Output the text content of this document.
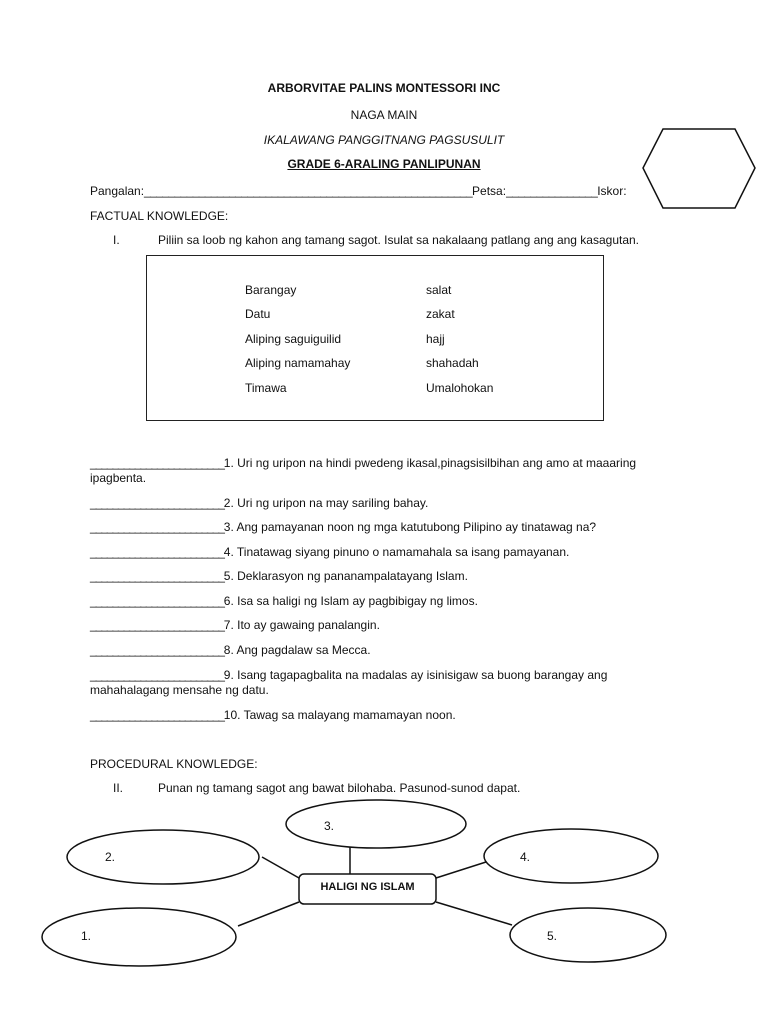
ARBORVITAE PALINS MONTESSORI INC
NAGA MAIN
IKALAWANG PANGGITNANG PAGSUSULIT
GRADE 6-ARALING PANLIPUNAN
Pangalan:______________________________________________________Petsa:_______________Iskor:
FACTUAL KNOWLEDGE:
I.	Piliin sa loob ng kahon ang tamang sagot. Isulat sa nakalaang patlang ang ang kasagutan.
Barangay
Datu
Aliping saguiguilid
Aliping namamahay
Timawa
salat
zakat
hajj
shahadah
Umalohokan
________________________1. Uri ng uripon na hindi pwedeng ikasal,pinagsisilbihan ang amo at maaaring
ipagbenta.
________________________2. Uri ng uripon na may sariling bahay.
________________________3. Ang pamayanan noon ng mga katutubong Pilipino ay tinatawag na?
________________________4. Tinatawag siyang pinuno o namamahala sa isang pamayanan.
________________________5. Deklarasyon ng pananampalatayang Islam.
________________________6. Isa sa haligi ng Islam ay pagbibigay ng limos.
________________________7. Ito ay gawaing panalangin.
________________________8. Ang pagdalaw sa Mecca.
________________________9. Isang tagapagbalita na madalas ay isinisigaw sa buong barangay ang
mahahalagang mensahe ng datu.
________________________10. Tawag sa malayang mamamayan noon.
PROCEDURAL KNOWLEDGE:
II.	Punan ng tamang sagot ang bawat bilohaba. Pasunod-sunod dapat.
HALIGI NG ISLAM
1.
2.
3.
4.
5.
